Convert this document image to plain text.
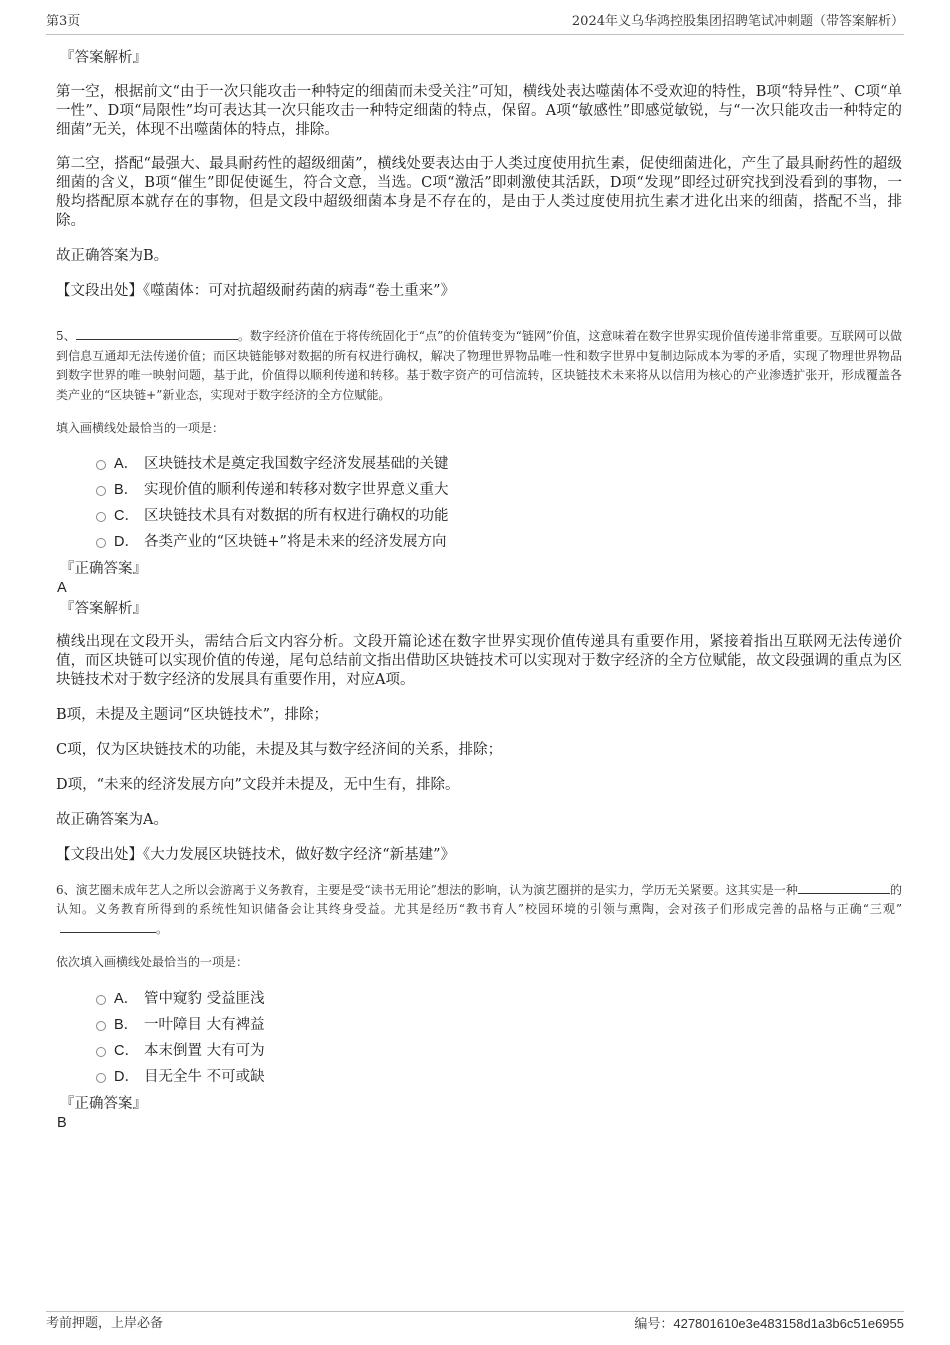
第3页	2024年义乌华鸿控股集团招聘笔试冲刺题（带答案解析）
『答案解析』

第一空，根据前文“由于一次只能攻击一种特定的细菌而未受关注”可知，横线处表达噬菌体不受欢迎的特性，B项“特异性”、C项“单一性”、D项“局限性”均可表达其一次只能攻击一种特定细菌的特点，保留。A项“敏感性”即感觉敏锐，与“一次只能攻击一种特定的细菌”无关，体现不出噬菌体的特点，排除。

第二空，搭配“最强大、最具耐药性的超级细菌”，横线处要表达由于人类过度使用抗生素，促使细菌进化，产生了最具耐药性的超级细菌的含义，B项“催生”即促使诞生，符合文意，当选。C项“激活”即刺激使其活跃，D项“发现”即经过研究找到没看到的事物，一般均搭配原本就存在的事物，但是文段中超级细菌本身是不存在的，是由于人类过度使用抗生素才进化出来的细菌，搭配不当，排除。

故正确答案为B。

【文段出处】《噬菌体：可对抗超级耐药菌的病毒“卷土重来”》

5、	。数字经济价值在于将传统固化于“点”的价值转变为“链网”价值，这意味着在数字世界实现价值传递非常重要。互联网可以做到信息互通却无法传递价值；而区块链能够对数据的所有权进行确权，解决了物理世界物品唯一性和数字世界中复制边际成本为零的矛盾，实现了物理世界物品到数字世界的唯一映射问题，基于此，价值得以顺利传递和转移。基于数字资产的可信流转，区块链技术未来将从以信用为核心的产业渗透扩张开，形成覆盖各类产业的“区块链+”新业态，实现对于数字经济的全方位赋能。

填入画横线处最恰当的一项是：

A． 区块链技术是奠定我国数字经济发展基础的关键
B． 实现价值的顺利传递和转移对数字世界意义重大
C． 区块链技术具有对数据的所有权进行确权的功能
D． 各类产业的“区块链+”将是未来的经济发展方向
『正确答案』
A
『答案解析』

横线出现在文段开头，需结合后文内容分析。文段开篇论述在数字世界实现价值传递具有重要作用，紧接着指出互联网无法传递价值，而区块链可以实现价值的传递，尾句总结前文指出借助区块链技术可以实现对于数字经济的全方位赋能，故文段强调的重点为区块链技术对于数字经济的发展具有重要作用，对应A项。

B项，未提及主题词“区块链技术”，排除；

C项，仅为区块链技术的功能，未提及其与数字经济间的关系，排除；

D项，“未来的经济发展方向”文段并未提及，无中生有，排除。

故正确答案为A。

【文段出处】《大力发展区块链技术，做好数字经济“新基建”》

6、演艺圈未成年艺人之所以会游离于义务教育，主要是受“读书无用论”想法的影响，认为演艺圈拼的是实力，学历无关紧要。这其实是一种	的认知。义务教育所得到的系统性知识储备会让其终身受益。尤其是经历“教书育人”校园环境的引领与熏陶，会对孩子们形成完善的品格与正确“三观”。

依次填入画横线处最恰当的一项是：

A． 管中窥豹 受益匪浅
B． 一叶障目 大有裨益
C． 本末倒置 大有可为
D． 目无全牛 不可或缺
『正确答案』
B
考前押题，上岸必备	编号：427801610e3e483158d1a3b6c51e6955
